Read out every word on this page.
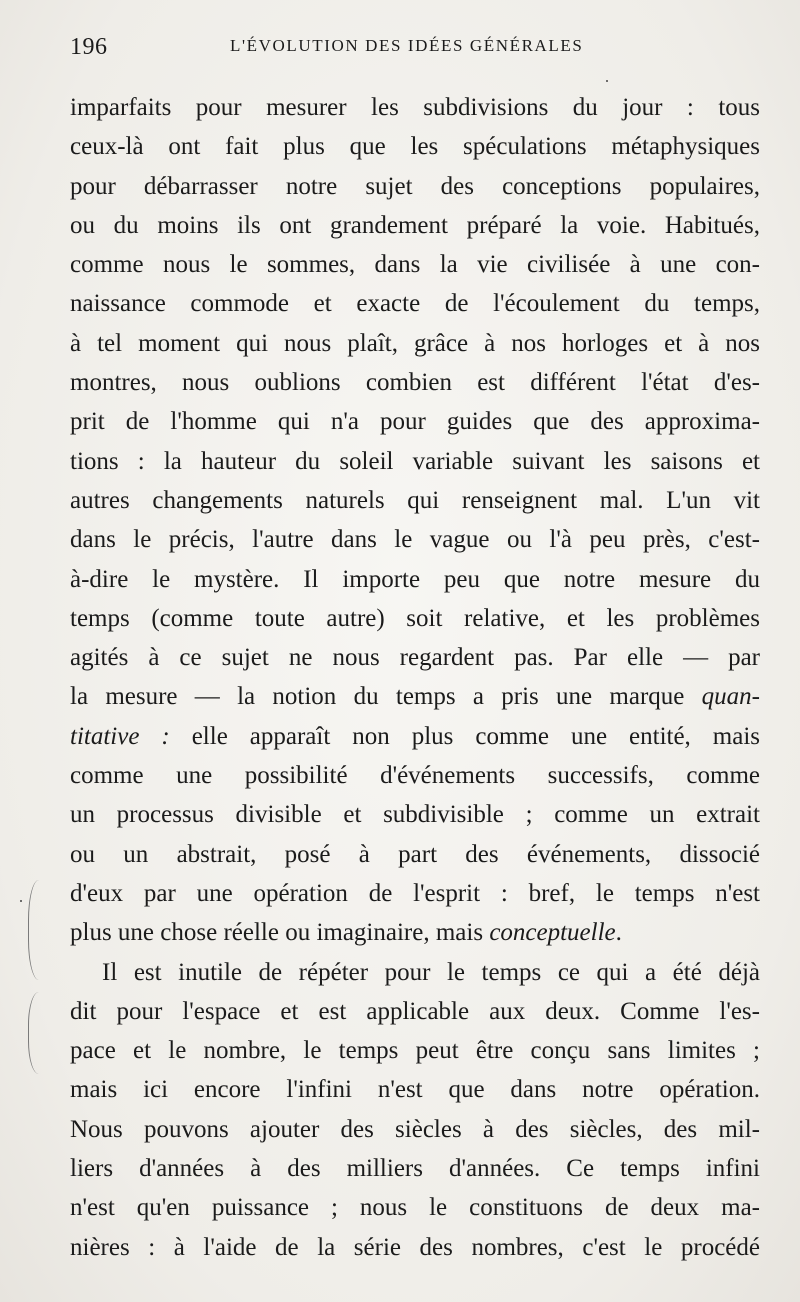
196	L'ÉVOLUTION DES IDÉES GÉNÉRALES
imparfaits pour mesurer les subdivisions du jour : tous
ceux-là ont fait plus que les spéculations métaphysiques
pour débarrasser notre sujet des conceptions populaires,
ou du moins ils ont grandement préparé la voie. Habitués,
comme nous le sommes, dans la vie civilisée à une con-
naissance commode et exacte de l'écoulement du temps,
à tel moment qui nous plaît, grâce à nos horloges et à nos
montres, nous oublions combien est différent l'état d'es-
prit de l'homme qui n'a pour guides que des approxima-
tions : la hauteur du soleil variable suivant les saisons et
autres changements naturels qui renseignent mal. L'un vit
dans le précis, l'autre dans le vague ou l'à peu près, c'est-
à-dire le mystère. Il importe peu que notre mesure du
temps (comme toute autre) soit relative, et les problèmes
agités à ce sujet ne nous regardent pas. Par elle — par
la mesure — la notion du temps a pris une marque quan-
titative : elle apparaît non plus comme une entité, mais
comme une possibilité d'événements successifs, comme
un processus divisible et subdivisible ; comme un extrait
ou un abstrait, posé à part des événements, dissocié
d'eux par une opération de l'esprit : bref, le temps n'est
plus une chose réelle ou imaginaire, mais conceptuelle.
Il est inutile de répéter pour le temps ce qui a été déjà
dit pour l'espace et est applicable aux deux. Comme l'es-
pace et le nombre, le temps peut être conçu sans limites ;
mais ici encore l'infini n'est que dans notre opération.
Nous pouvons ajouter des siècles à des siècles, des mil-
liers d'années à des milliers d'années. Ce temps infini
n'est qu'en puissance ; nous le constituons de deux ma-
nières : à l'aide de la série des nombres, c'est le procédé
